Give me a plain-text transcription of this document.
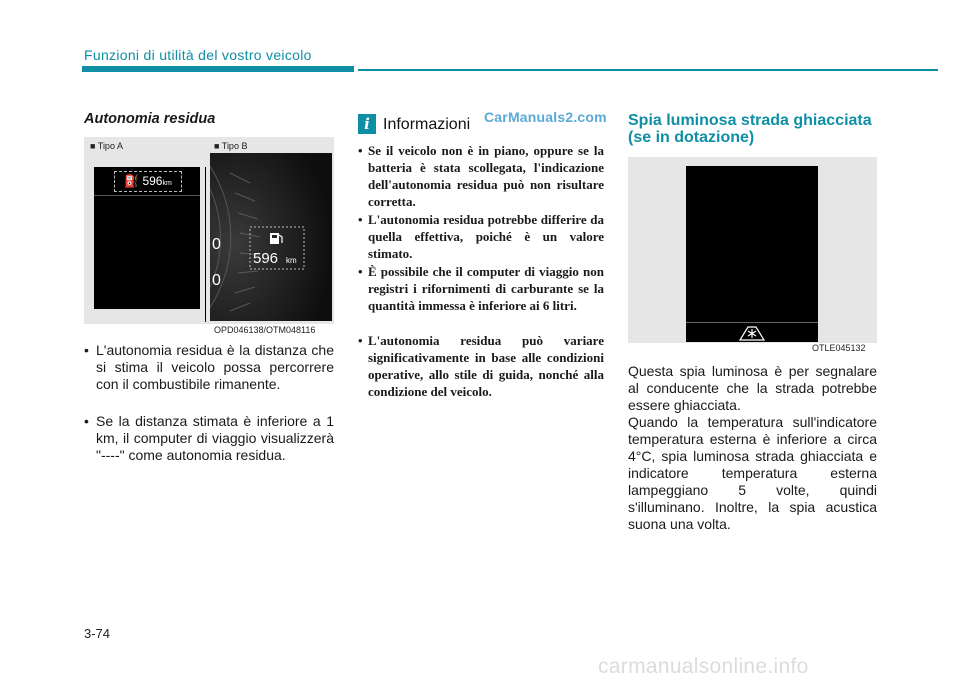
Funzioni di utilità del vostro veicolo
Autonomia residua
■ Tipo A	■ Tipo B
⛽ 596km
0
0
596 km
OPD046138/OTM048116
• L'autonomia residua è la distanza che si stima il veicolo possa percorrere con il combustibile rimanente.
• Se la distanza stimata è inferiore a 1 km, il computer di viaggio visualizzerà "----" come autonomia residua.
i Informazioni CarManuals2.com
• Se il veicolo non è in piano, oppure se la batteria è stata scollegata, l'indicazione dell'autonomia residua può non risultare corretta.
• L'autonomia residua potrebbe differire da quella effettiva, poiché è un valore stimato.
• È possibile che il computer di viaggio non registri i rifornimenti di carburante se la quantità immessa è inferiore ai 6 litri.
• L'autonomia residua può variare significativamente in base alle condizioni operative, allo stile di guida, nonché alla condizione del veicolo.
Spia luminosa strada ghiacciata (se in dotazione)
OTLE045132
Questa spia luminosa è per segnalare al conducente che la strada potrebbe essere ghiacciata.
Quando la temperatura sull'indicatore temperatura esterna è inferiore a circa 4°C, spia luminosa strada ghiacciata e indicatore temperatura esterna lampeggiano 5 volte, quindi s'illuminano. Inoltre, la spia acustica suona una volta.
3-74
carmanualsonline.info
